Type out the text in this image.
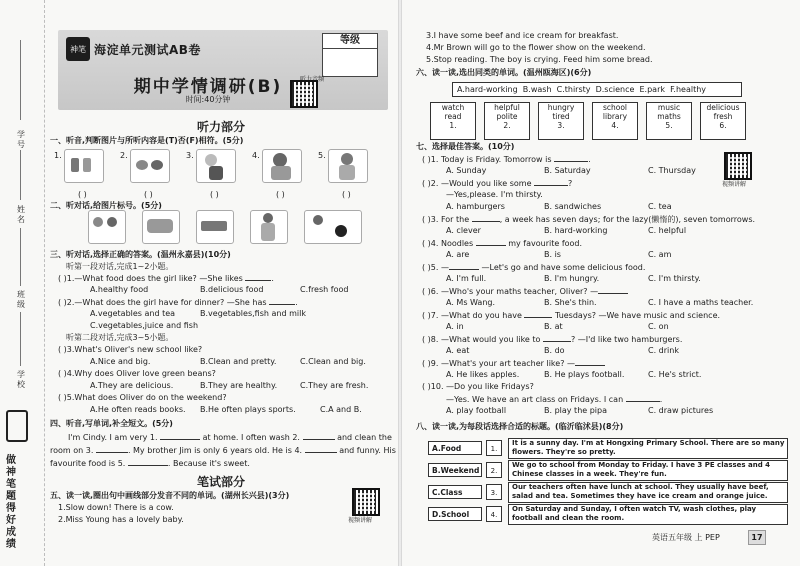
学号
姓名
班级
学校
做神笔题 得好成绩
神笔 海淀单元测试AB卷
等级
期中学情调研(B)
时间:40分钟
听力音频
听力部分
一、听音,判断图片与所听内容是(T)否(F)相符。(5分)
1.	2.	3.	4.	5.
( )	( )	( )	( )	( )
二、听对话,给图片标号。(5分)
三、听对话,选择正确的答案。(温州永嘉县)(10分)
听第一段对话,完成1~2小题。
( )1.—What food does the girl like? —She likes	.
A.healthy food	B.delicious food	C.fresh food
( )2.—What does the girl have for dinner? —She has	.
A.vegetables and tea	B.vegetables,fish and milk
C.vegetables,juice and fish
听第二段对话,完成3~5小题。
( )3.What's Oliver's new school like?
A.Nice and big.	B.Clean and pretty.	C.Clean and big.
( )4.Why does Oliver love green beans?
A.They are delicious.	B.They are healthy.	C.They are fresh.
( )5.What does Oliver do on the weekend?
A.He often reads books. B.He often plays sports.	C.A and B.
四、听音,写单词,补全短文。(5分)
I'm Cindy. I am very 1.	at home. I often wash 2.	and clean the
room on 3.	. My brother Jim is only 6 years old. He is 4.	and funny. His
favourite food is 5.	. Because it's sweet.
笔试部分
五、读一读,圈出句中画线部分发音不同的单词。(湖州长兴县)(3分)
1.Slow down! There is a cow.
2.Miss Young has a lovely baby.	视频讲解
3.I have some beef and ice cream for breakfast.
4.Mr Brown will go to the flower show on the weekend.
5.Stop reading. The boy is crying. Feed him some bread.
六、读一读,选出同类的单词。(温州瓯海区)(6分)
A.hard-working B.wash C.thirsty D.science E.park F.healthy
watch
read
1.
helpful
polite
2.
hungry
tired
3.
school
library
4.
music
maths
5.
delicious
fresh
6.
七、选择最佳答案。(10分)
视频讲解
( )1. Today is Friday. Tomorrow is	.
A. Sunday	B. Saturday	C. Thursday
( )2. —Would you like some	?
—Yes,please. I'm thirsty.
A. hamburgers	B. sandwiches	C. tea
( )3. For the	, a week has seven days; for the lazy(懒惰的), seven tomorrows.
A. clever	B. hard-working	C. helpful
( )4. Noodles	my favourite food.
A. are	B. is	C. am
( )5. —	—Let's go and have some delicious food.
A. I'm full.	B. I'm hungry.	C. I'm thirsty.
( )6. —Who's your maths teacher, Oliver? —
A. Ms Wang.	B. She's thin.	C. I have a maths teacher.
( )7. —What do you have	Tuesdays? —We have music and science.
A. in	B. at	C. on
( )8. —What would you like to	? —I'd like two hamburgers.
A. eat	B. do	C. drink
( )9. —What's your art teacher like? —
A. He likes apples.	B. He plays football.	C. He's strict.
( )10. —Do you like Fridays?
—Yes. We have an art class on Fridays. I can	.
A. play football	B. play the pipa	C. draw pictures
八、读一读,为每段话选择合适的标题。(临沂临沭县)(8分)
A.Food	1.
It is a sunny day. I'm at Hongxing Primary School. There are so many flowers. They're so pretty.
B.Weekend	2.
We go to school from Monday to Friday. I have 3 PE classes and 4 Chinese classes in a week. They're fun.
C.Class	3.
Our teachers often have lunch at school. They usually have beef, salad and tea. Sometimes they have ice cream and orange juice.
D.School	4.
On Saturday and Sunday, I often watch TV, wash clothes, play football and clean the room.
英语五年级 上 PEP	17
